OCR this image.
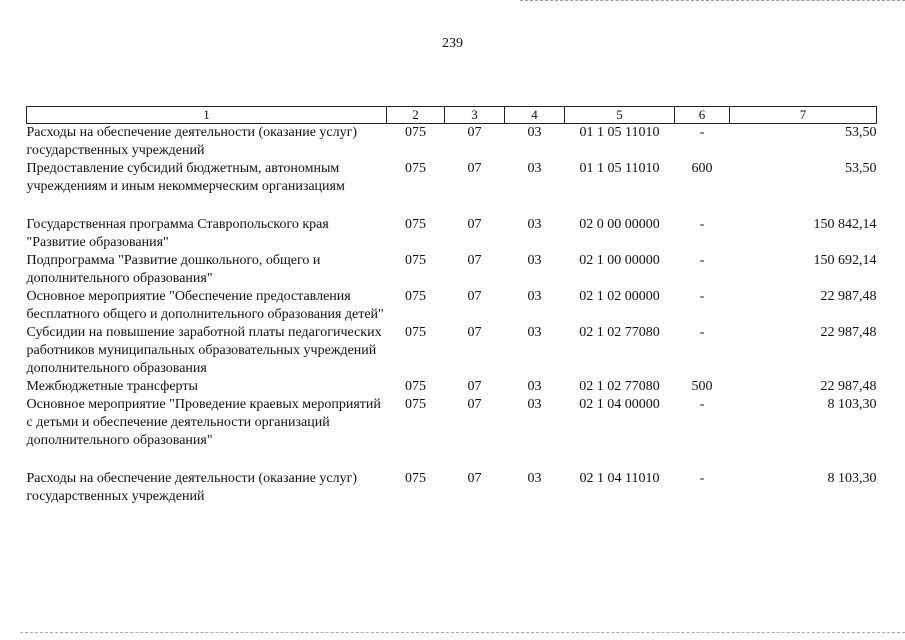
239
1	2	3	4	5	6	7
Расходы на обеспечение деятельности (оказание услуг) государственных учреждений	075	07	03	01 1 05 11010	-	53,50
Предоставление субсидий бюджетным, автономным учреждениям и иным некоммерческим организациям	075	07	03	01 1 05 11010	600	53,50

Государственная программа Ставропольского края "Развитие образования"	075	07	03	02 0 00 00000	-	150 842,14
Подпрограмма "Развитие дошкольного, общего и дополнительного образования"	075	07	03	02 1 00 00000	-	150 692,14
Основное мероприятие "Обеспечение предоставления бесплатного общего и дополнительного образования детей"	075	07	03	02 1 02 00000	-	22 987,48
Субсидии на повышение заработной платы педагогических работников муниципальных образовательных учреждений дополнительного образования	075	07	03	02 1 02 77080	-	22 987,48
Межбюджетные трансферты	075	07	03	02 1 02 77080	500	22 987,48
Основное мероприятие "Проведение краевых мероприятий с детьми и обеспечение деятельности организаций дополнительного образования"	075	07	03	02 1 04 00000	-	8 103,30

Расходы на обеспечение деятельности (оказание услуг) государственных учреждений	075	07	03	02 1 04 11010	-	8 103,30
